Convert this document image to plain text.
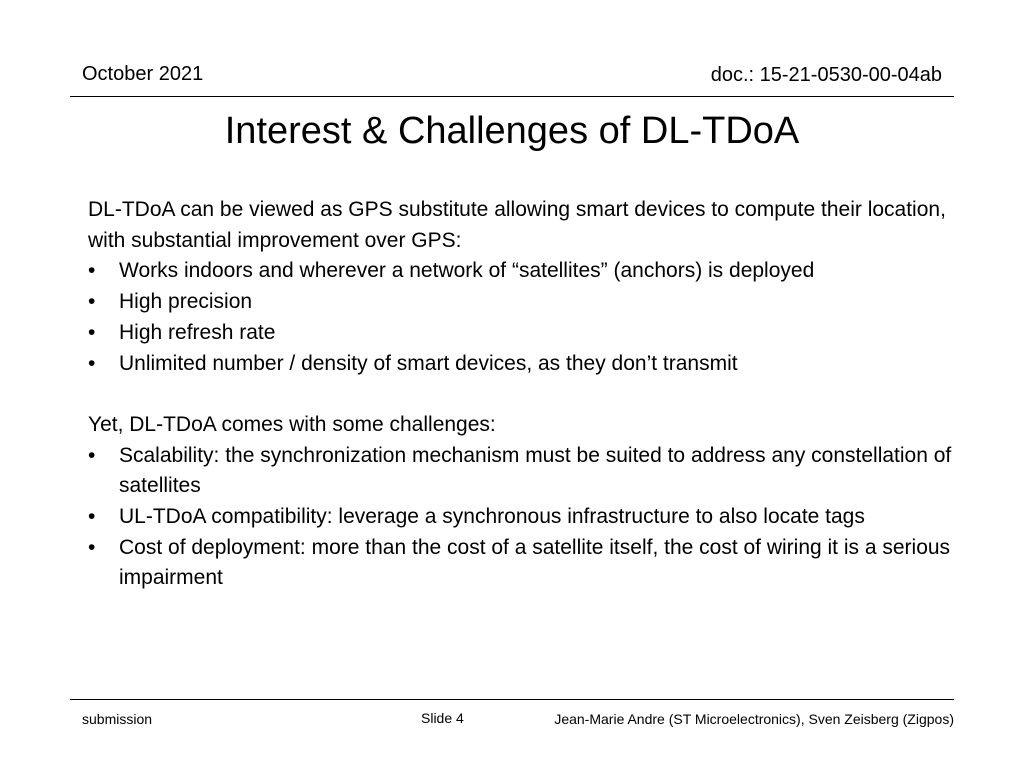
October 2021	doc.: 15-21-0530-00-04ab
Interest & Challenges of DL-TDoA

DL-TDoA can be viewed as GPS substitute allowing smart devices to compute their location, with substantial improvement over GPS:

• Works indoors and wherever a network of “satellites” (anchors) is deployed
• High precision
• High refresh rate
• Unlimited number / density of smart devices, as they don’t transmit

Yet, DL-TDoA comes with some challenges:

• Scalability: the synchronization mechanism must be suited to address any constellation of satellites
• UL-TDoA compatibility: leverage a synchronous infrastructure to also locate tags
• Cost of deployment: more than the cost of a satellite itself, the cost of wiring it is a serious impairment
submission	Slide 4	Jean-Marie Andre (ST Microelectronics), Sven Zeisberg (Zigpos)
